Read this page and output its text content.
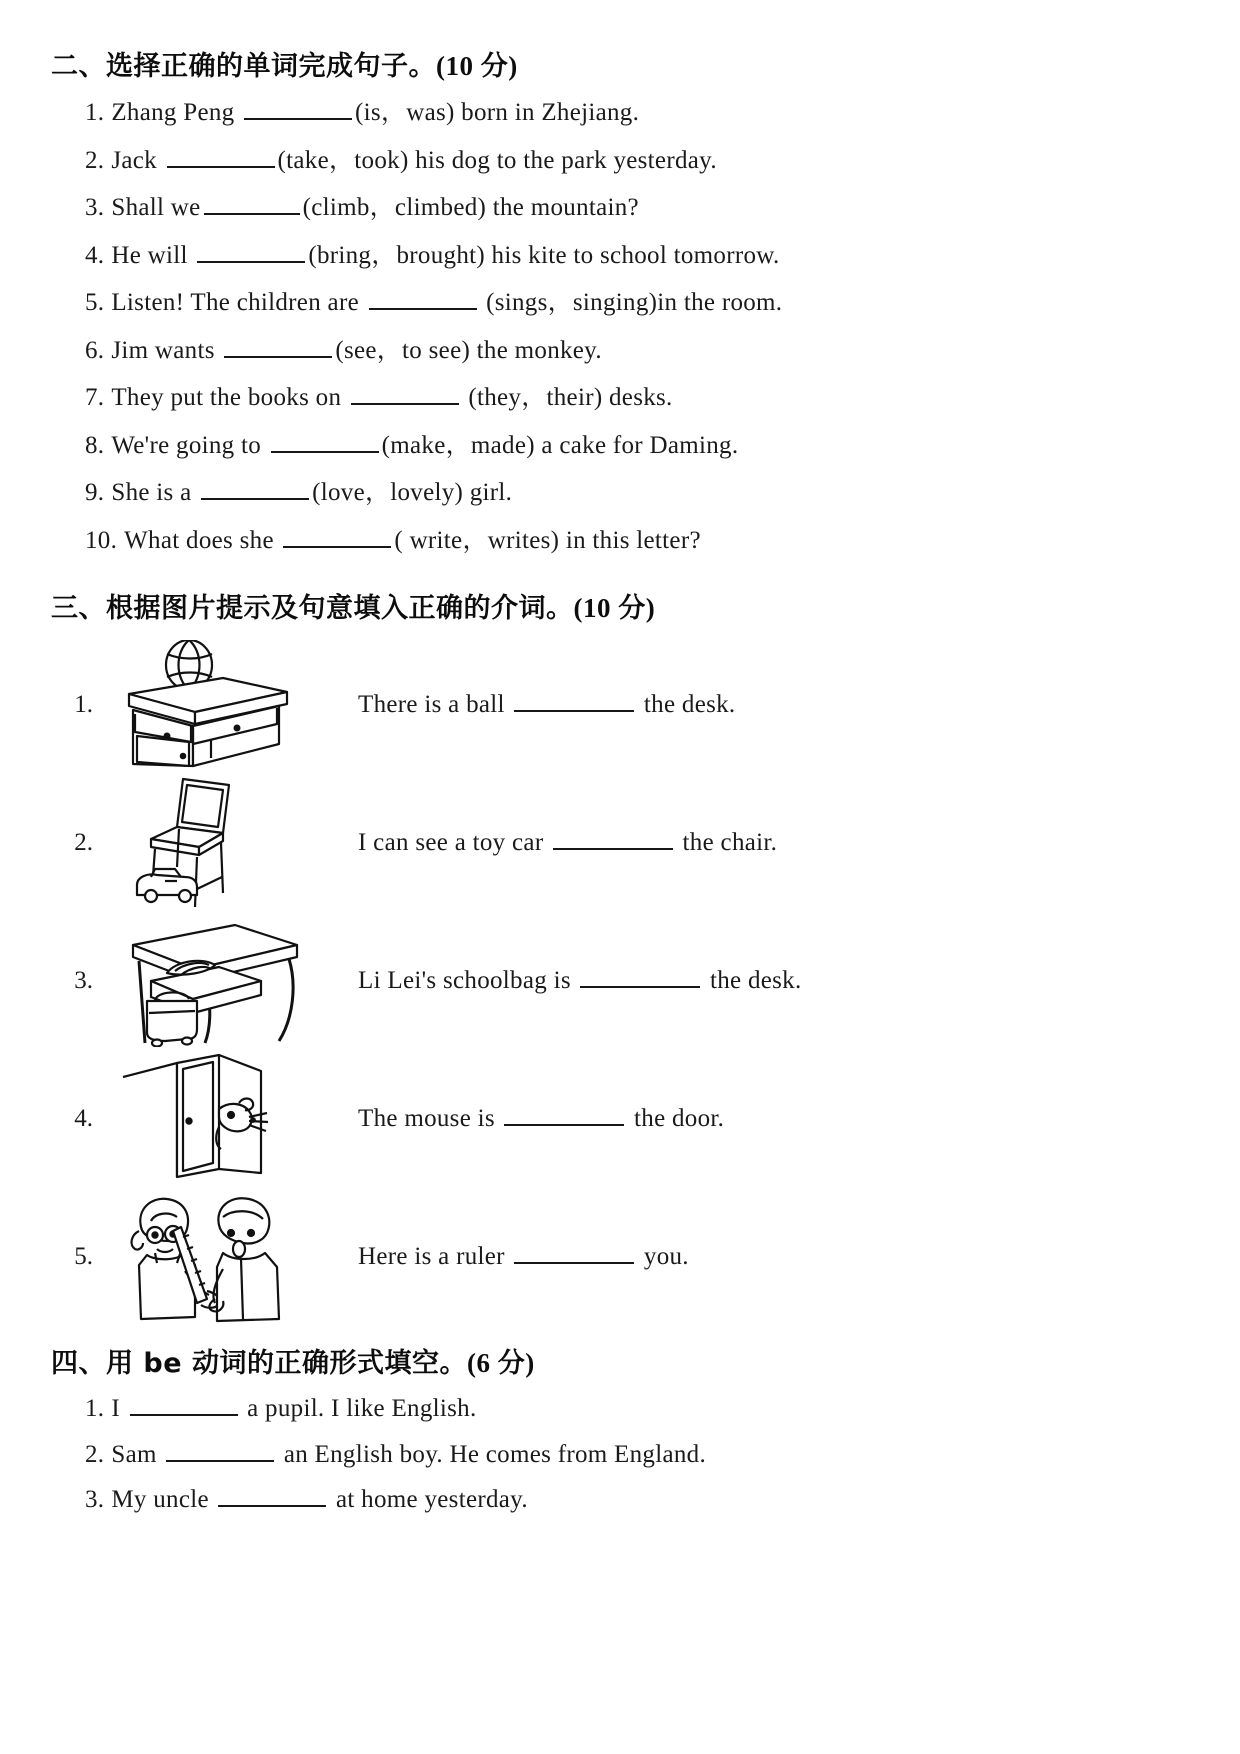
二、选择正确的单词完成句子。(10 分)
1. Zhang Peng	(is，was) born in Zhejiang.
2. Jack	(take，took) his dog to the park yesterday.
3. Shall we	(climb，climbed) the mountain?
4. He will	(bring，brought) his kite to school tomorrow.
5. Listen! The children are	(sings，singing)in the room.
6. Jim wants	(see，to see) the monkey.
7. They put the books on	(they，their) desks.
8. We're going to	(make，made) a cake for Daming.
9. She is a	(love，lovely) girl.
10. What does she	( write，writes) in this letter?
三、根据图片提示及句意填入正确的介词。(10 分)
1.	There is a ball	the desk.
2.	I can see a toy car	the chair.
3.	Li Lei's schoolbag is	the desk.
4.	The mouse is	the door.
5.	Here is a ruler	you.
四、用 be 动词的正确形式填空。(6 分)
1. I	a pupil. I like English.
2. Sam	an English boy. He comes from England.
3. My uncle	at home yesterday.
